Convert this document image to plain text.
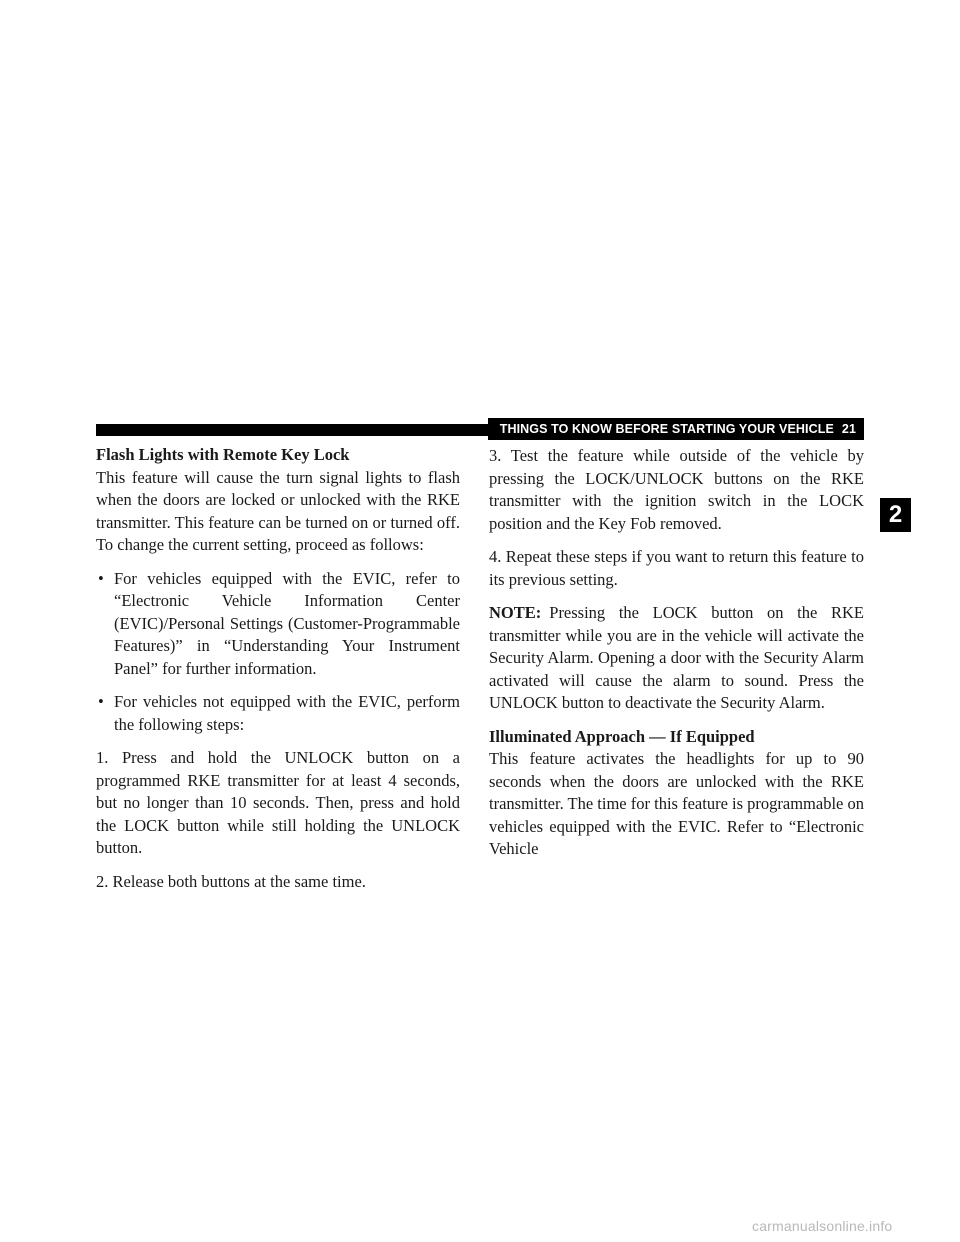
THINGS TO KNOW BEFORE STARTING YOUR VEHICLE 21
2
Flash Lights with Remote Key Lock

This feature will cause the turn signal lights to flash when the doors are locked or unlocked with the RKE transmitter. This feature can be turned on or turned off. To change the current setting, proceed as follows:

• For vehicles equipped with the EVIC, refer to “Electronic Vehicle Information Center (EVIC)/Personal Settings (Customer-Programmable Features)” in “Understanding Your Instrument Panel” for further information.
• For vehicles not equipped with the EVIC, perform the following steps:

1. Press and hold the UNLOCK button on a programmed RKE transmitter for at least 4 seconds, but no longer than 10 seconds. Then, press and hold the LOCK button while still holding the UNLOCK button.

2. Release both buttons at the same time.

3. Test the feature while outside of the vehicle by pressing the LOCK/UNLOCK buttons on the RKE transmitter with the ignition switch in the LOCK position and the Key Fob removed.

4. Repeat these steps if you want to return this feature to its previous setting.

NOTE: Pressing the LOCK button on the RKE transmitter while you are in the vehicle will activate the Security Alarm. Opening a door with the Security Alarm activated will cause the alarm to sound. Press the UNLOCK button to deactivate the Security Alarm.

Illuminated Approach — If Equipped

This feature activates the headlights for up to 90 seconds when the doors are unlocked with the RKE transmitter. The time for this feature is programmable on vehicles equipped with the EVIC. Refer to “Electronic Vehicle

carmanualsonline.info
